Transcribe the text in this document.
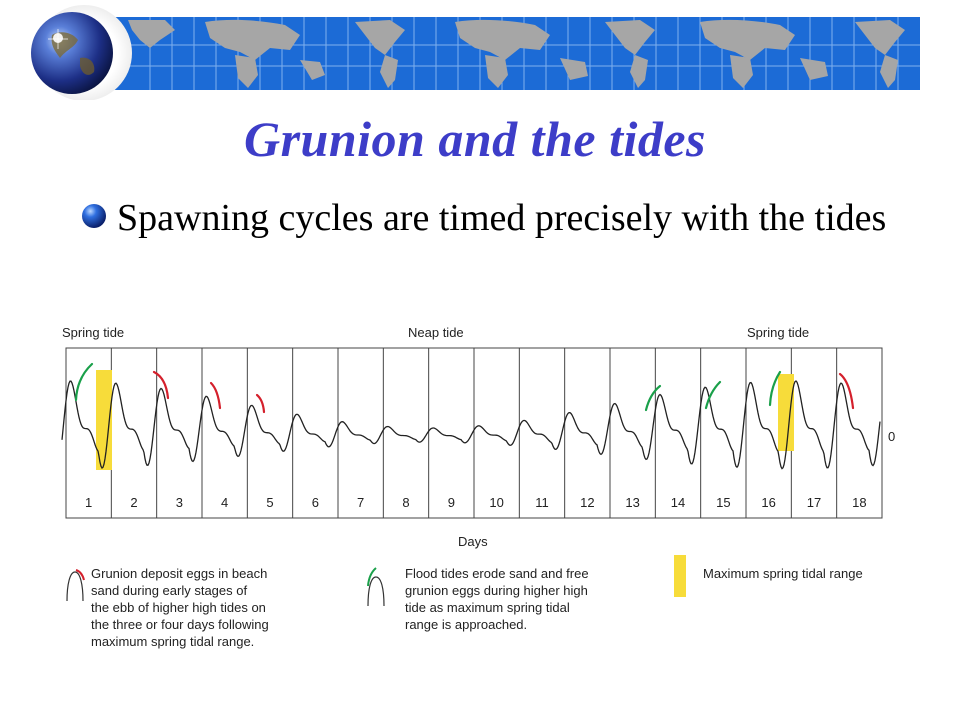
Grunion and the tides
Spawning cycles are timed precisely with the tides
Spring tide	Neap tide	Spring tide
0
1	2	3	4	5	6	7	8	9	10 11 12 13 14 15 16 17 18
Days
Grunion deposit eggs in beach sand during early stages of the ebb of higher high tides on the three or four days following maximum spring tidal range.
Flood tides erode sand and free grunion eggs during higher high tide as maximum spring tidal range is approached.
Maximum spring tidal range
